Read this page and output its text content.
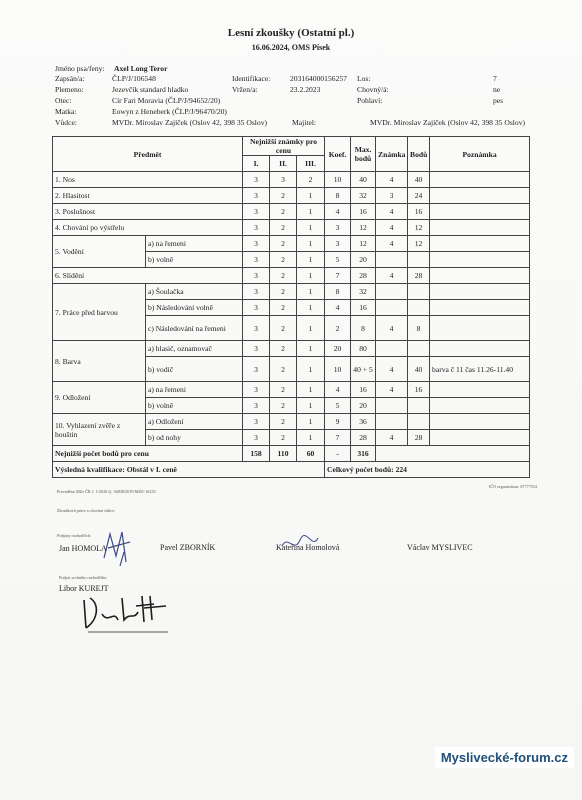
Lesní zkoušky (Ostatní pl.)
16.06.2024, OMS Písek
Jméno psa/feny: Axel Long Teror
Zapsán/a:	ČLP/J/106548	Identifikace:	203164000156257 Los:	7
Plemeno:	Jezevčík standard hladko	Vržen/a:	23.2.2023	Chovný/á:	ne
Otec:	Cir Fari Moravia (ČLP/J/94652/20)	Pohlaví:	pes
Matka:	Eowyn z Heneberk (ČLP/J/96470/20)
Vůdce:	MVDr. Miroslav Zajíček (Oslov 42, 398 35 Oslov)	Majitel:	MVDr. Miroslav Zajíček (Oslov 42, 398 35 Oslov)
Předmět		Nejnižší známky pro cenu			Koef.	Max. bodů	Známka	Bodů	Poznámka
		I.	II.	III.					
1. Nos		3	3	2	10	40	4	40	
2. Hlasitost		3	2	1	8	32	3	24	
3. Poslušnost		3	2	1	4	16	4	16	
4. Chování po výstřelu		3	2	1	3	12	4	12	
5. Vodění	a) na řemeni	3	2	1	3	12	4	12	
	b) volně	3	2	1	5	20			
6. Slídění		3	2	1	7	28	4	28	
7. Práce před barvou	a) Šoulačka	3	2	1	8	32			
	b) Následování volně	3	2	1	4	16			
	c) Následování na řemeni	3	2	1	2	8	4	8	
8. Barva	a) hlasič, oznamovač	3	2	1	20	80			
	b) vodič	3	2	1	10	40 + 5	4	40	barva č 11 čas 11.26-11.40
9. Odložení	a) na řemeni	3	2	1	4	16	4	16	
	b) volně	3	2	1	5	20			
10. Vyhlazení zvěře z houštin	a) Odložení	3	2	1	9	36			
	b) od nohy	3	2	1	7	28	4	28	
Nejnižší počet bodů pro cenu		158	110	60	-	316			
Výsledná kvalifikace: Obstál v I. ceně					Celkový počet bodů: 224				
Prováděno MZe ČR č. 1/2020 čj. 36838/2019-MZE-16233
IČO organizátora: 67777554
Zkoušková práce a chování vůdce:
Podpisy rozhodčích:
Jan HOMOLA	Pavel ZBORNÍK	Kateřina Homolová	Václav MYSLIVEC
Podpis vrchního rozhodčího:
Libor KUREJT
Myslivecké-forum.cz
